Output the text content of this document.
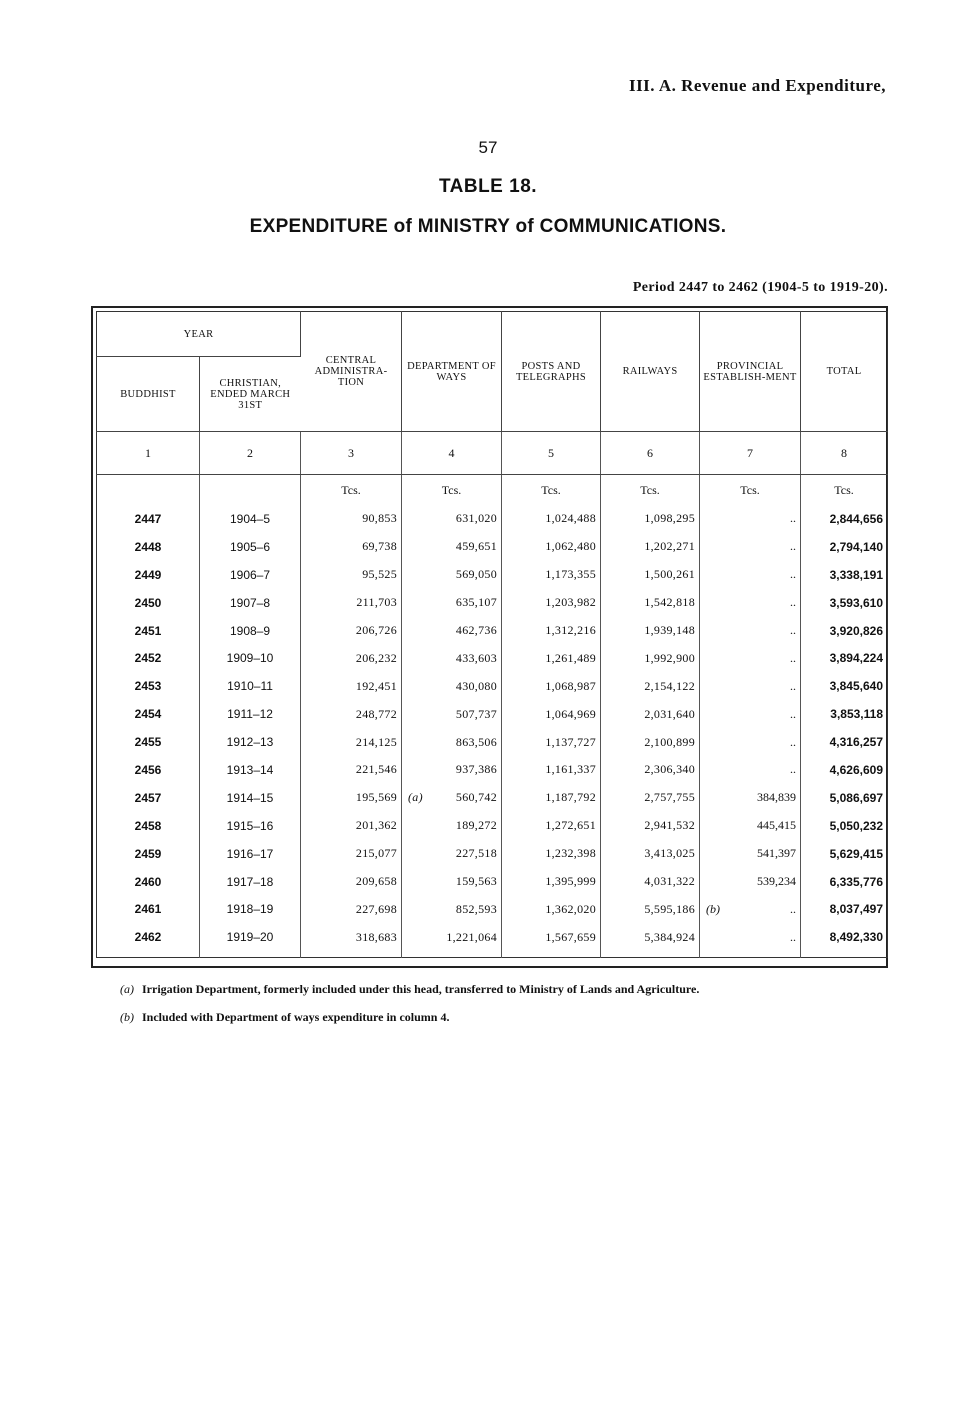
III. A. Revenue and Expenditure,
57
TABLE 18.
EXPENDITURE of MINISTRY of COMMUNICATIONS.
Period 2447 to 2462 (1904-5 to 1919-20).
YEAR		CENTRAL ADMINISTRA-TION	DEPARTMENT OF WAYS	POSTS AND TELEGRAPHS	RAILWAYS	PROVINCIAL ESTABLISH-MENT	TOTAL
BUDDHIST	CHRISTIAN, ENDED MARCH 31ST						
1	2	3	4	5	6	7	8
		Tcs.	Tcs.	Tcs.	Tcs.	Tcs.	Tcs.
2447	1904–5	90,853	631,020	1,024,488	1,098,295	..	2,844,656
2448	1905–6	69,738	459,651	1,062,480	1,202,271	..	2,794,140
2449	1906–7	95,525	569,050	1,173,355	1,500,261	..	3,338,191
2450	1907–8	211,703	635,107	1,203,982	1,542,818	..	3,593,610
2451	1908–9	206,726	462,736	1,312,216	1,939,148	..	3,920,826
2452	1909–10	206,232	433,603	1,261,489	1,992,900	..	3,894,224
2453	1910–11	192,451	430,080	1,068,987	2,154,122	..	3,845,640
2454	1911–12	248,772	507,737	1,064,969	2,031,640	..	3,853,118
2455	1912–13	214,125	863,506	1,137,727	2,100,899	..	4,316,257
2456	1913–14	221,546	937,386	1,161,337	2,306,340	..	4,626,609
2457	1914–15	195,569	(a) 560,742	1,187,792	2,757,755	384,839	5,086,697
2458	1915–16	201,362	189,272	1,272,651	2,941,532	445,415	5,050,232
2459	1916–17	215,077	227,518	1,232,398	3,413,025	541,397	5,629,415
2460	1917–18	209,658	159,563	1,395,999	4,031,322	539,234	6,335,776
2461	1918–19	227,698	852,593	1,362,020	5,595,186	(b) ..	8,037,497
2462	1919–20	318,683	1,221,064	1,567,659	5,384,924	..	8,492,330

(a) Irrigation Department, formerly included under this head, transferred to Ministry of Lands and Agriculture.
(b) Included with Department of ways expenditure in column 4.
